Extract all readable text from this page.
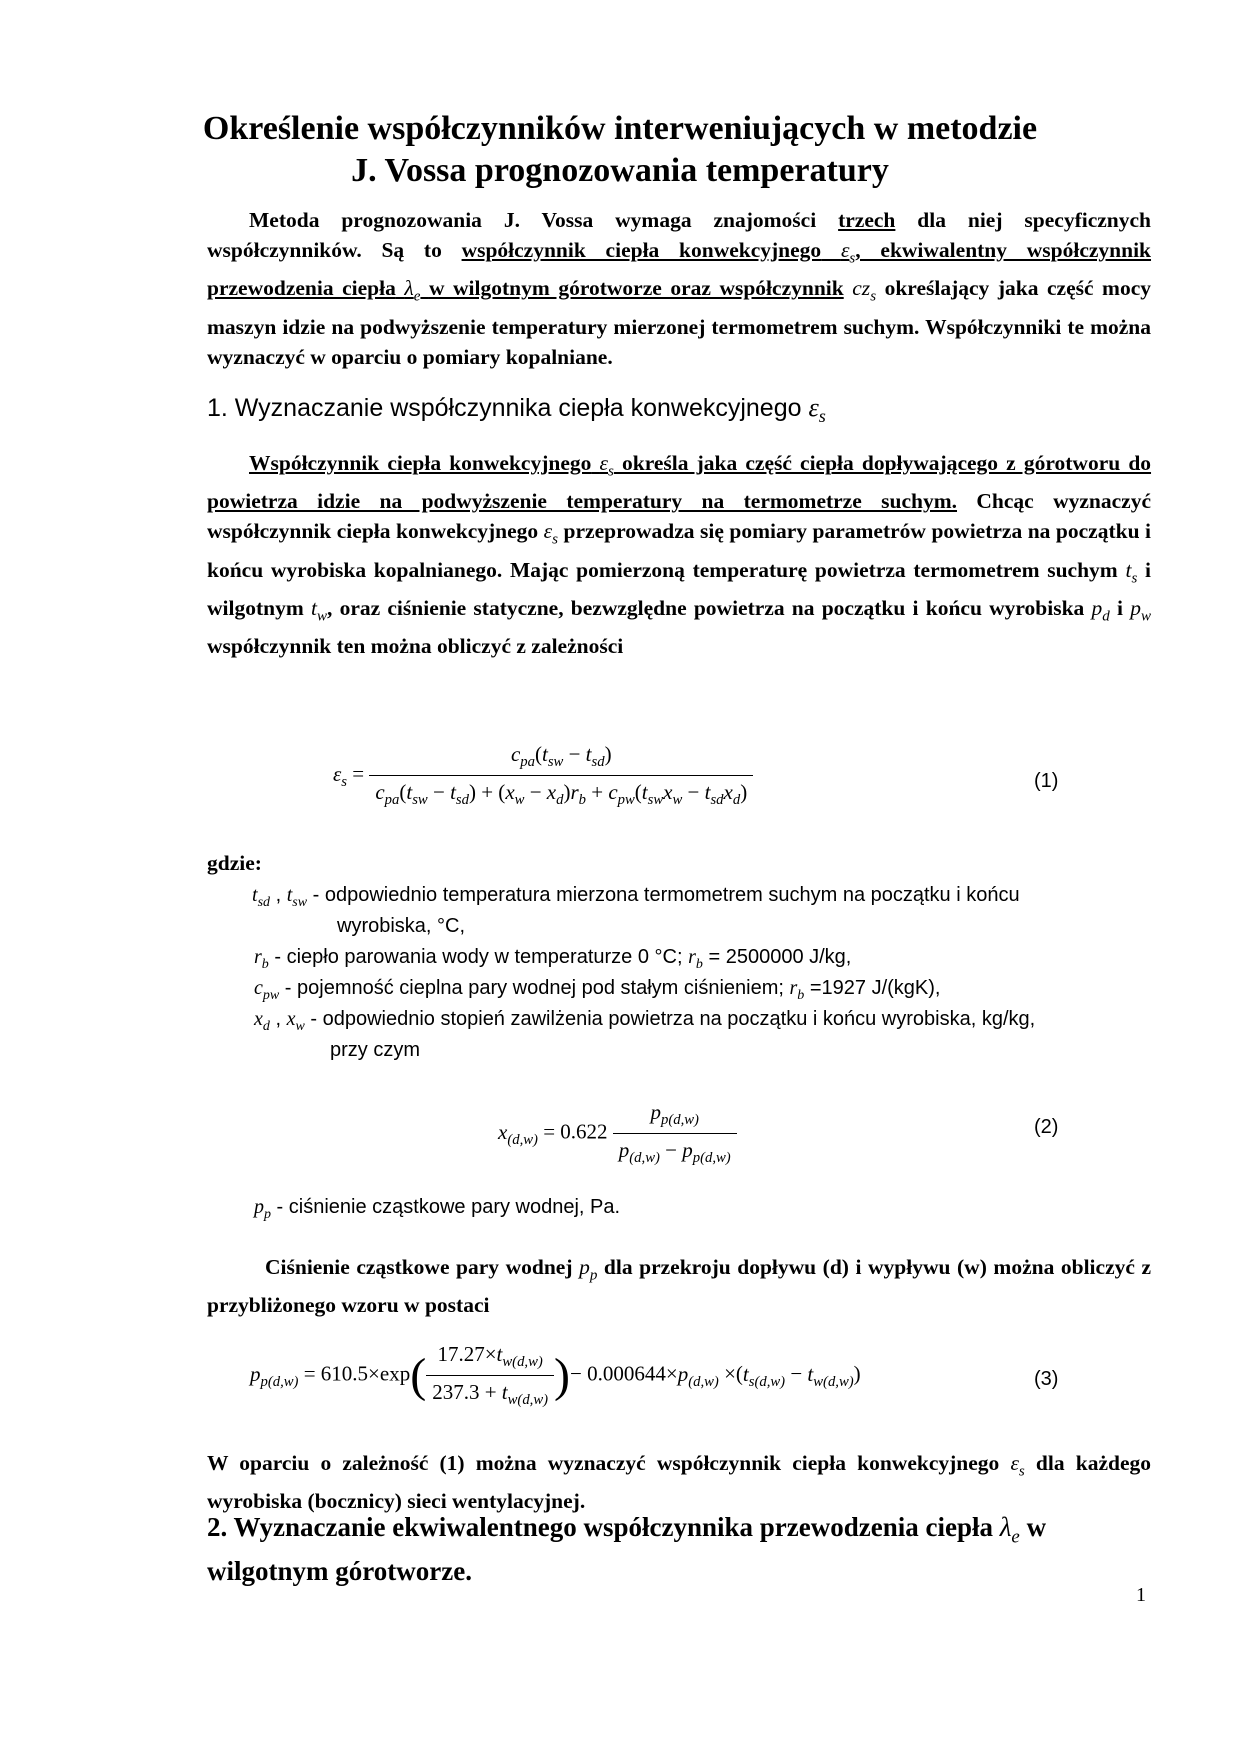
Określenie współczynników interweniujących w metodzie
J. Vossa prognozowania temperatury
Metoda prognozowania J. Vossa wymaga znajomości trzech dla niej specyficznych współczynników. Są to współczynnik ciepła konwekcyjnego $\varepsilon_s$, ekwiwalentny współczynnik przewodzenia ciepła $\lambda_e$ w wilgotnym górotworze oraz współczynnik $cz_s$ określający jaka część mocy maszyn idzie na podwyższenie temperatury mierzonej termometrem suchym. Współczynniki te można wyznaczyć w oparciu o pomiary kopalniane.
1. Wyznaczanie współczynnika ciepła konwekcyjnego $\varepsilon_s$
Współczynnik ciepła konwekcyjnego $\varepsilon_s$ określa jaka część ciepła dopływającego z górotworu do powietrza idzie na podwyższenie temperatury na termometrze suchym. Chcąc wyznaczyć współczynnik ciepła konwekcyjnego $\varepsilon_s$ przeprowadza się pomiary parametrów powietrza na początku i końcu wyrobiska kopalnianego. Mając pomierzoną temperaturę powietrza termometrem suchym $t_s$ i wilgotnym $t_w$, oraz ciśnienie statyczne, bezwzględne powietrza na początku i końcu wyrobiska $p_d$ i $p_w$ współczynnik ten można obliczyć z zależności
$\varepsilon_s = \frac{c_{pa}(t_{sw} - t_{sd})}{c_{pa}(t_{sw} - t_{sd}) + (x_w - x_d)r_b + c_{pw}(t_{sw}x_w - t_{sd}x_d)}$	(1)
gdzie:
$t_{sd}$ , $t_{sw}$ - odpowiednio temperatura mierzona termometrem suchym na początku i końcu
wyrobiska, °C,
$r_b$ - ciepło parowania wody w temperaturze 0 °C; $r_b = 2500000$ J/kg,
$c_{pw}$ - pojemność cieplna pary wodnej pod stałym ciśnieniem; $r_b =1927$ J/(kgK),
$x_d$ , $x_w$ - odpowiednio stopień zawilżenia powietrza na początku i końcu wyrobiska, kg/kg,
przy czym
$x_{(d,w)} = 0.622 \frac{p_{p(d,w)}}{p_{(d,w)} - p_{p(d,w)}}$	(2)
$p_p$ - ciśnienie cząstkowe pary wodnej, Pa.
Ciśnienie cząstkowe pary wodnej $p_p$ dla przekroju dopływu (d) i wypływu (w) można obliczyć z przybliżonego wzoru w postaci
$p_{p(d,w)} = 610.5\times\exp( \frac{17.27\times t_{w(d,w)}}{237.3 + t_{w(d,w)}}$ )− $0.000644\times p_{(d,w)} \times(t_{s(d,w)} - t_{w(d,w)})$	(3)
W oparciu o zależność (1) można wyznaczyć współczynnik ciepła konwekcyjnego $\varepsilon_s$ dla każdego wyrobiska (bocznicy) sieci wentylacyjnej.
2. Wyznaczanie ekwiwalentnego współczynnika przewodzenia ciepła $\lambda_e$ w wilgotnym górotworze.
1
